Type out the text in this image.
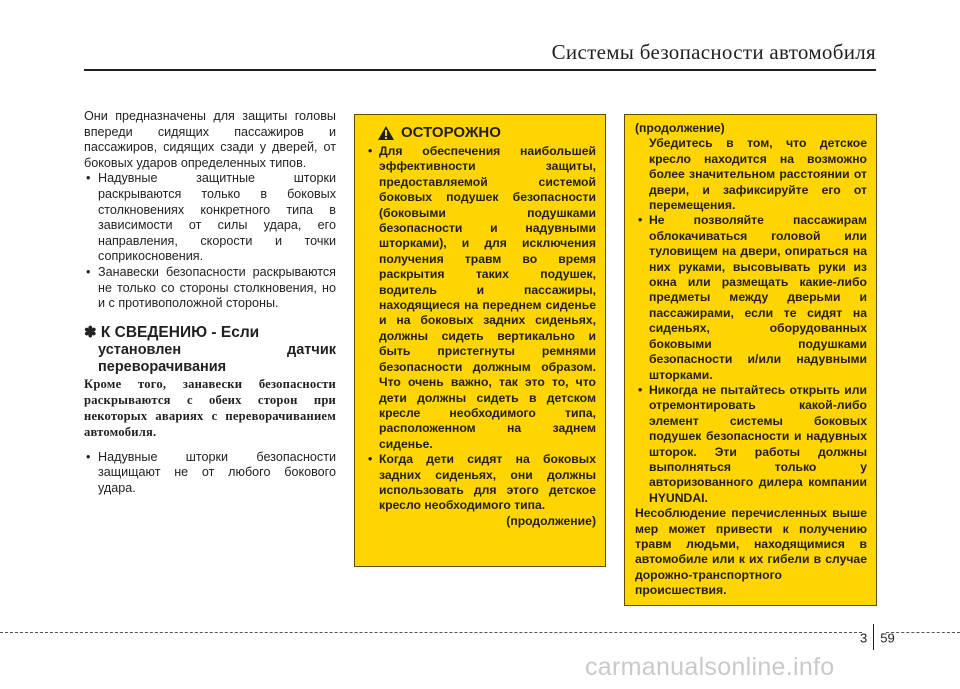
Системы безопасности автомобиля

Они предназначены для защиты головы впереди сидящих пассажиров и пассажиров, сидящих сзади у дверей, от боковых ударов определенных типов.

• Надувные защитные шторки раскрываются только в боковых столкновениях конкретного типа в зависимости от силы удара, его направления, скорости и точки соприкосновения.
• Занавески безопасности раскрываются не только со стороны столкновения, но и с противоположной стороны.
✽ К СВЕДЕНИЮ - Если
установлен датчик переворачивания

Кроме того, занавески безопасности раскрываются с обеих сторон при некоторых авариях с переворачиванием автомобиля.

• Надувные шторки безопасности защищают не от любого бокового удара.
ОСТОРОЖНО
• Для обеспечения наибольшей эффективности защиты, предоставляемой системой боковых подушек безопасности (боковыми подушками безопасности и надувными шторками), и для исключения получения травм во время раскрытия таких подушек, водитель и пассажиры, находящиеся на переднем сиденье и на боковых задних сиденьях, должны сидеть вертикально и быть пристегнуты ремнями безопасности должным образом. Что очень важно, так это то, что дети должны сидеть в детском кресле необходимого типа, расположенном на заднем сиденье.
• Когда дети сидят на боковых задних сиденьях, они должны использовать для этого детское кресло необходимого типа.
(продолжение)
(продолжение)
Убедитесь в том, что детское кресло находится на возможно более значительном расстоянии от двери, и зафиксируйте его от перемещения.
• Не позволяйте пассажирам облокачиваться головой или туловищем на двери, опираться на них руками, высовывать руки из окна или размещать какие-либо предметы между дверьми и пассажирами, если те сидят на сиденьях, оборудованных боковыми подушками безопасности и/или надувными шторками.
• Никогда не пытайтесь открыть или отремонтировать какой-либо элемент системы боковых подушек безопасности и надувных шторок. Эти работы должны выполняться только у авторизованного дилера компании HYUNDAI.
Несоблюдение перечисленных выше мер может привести к получению травм людьми, находящимися в автомобиле или к их гибели в случае дорожно-транспортного происшествия.
3 59
carmanualsonline.info
